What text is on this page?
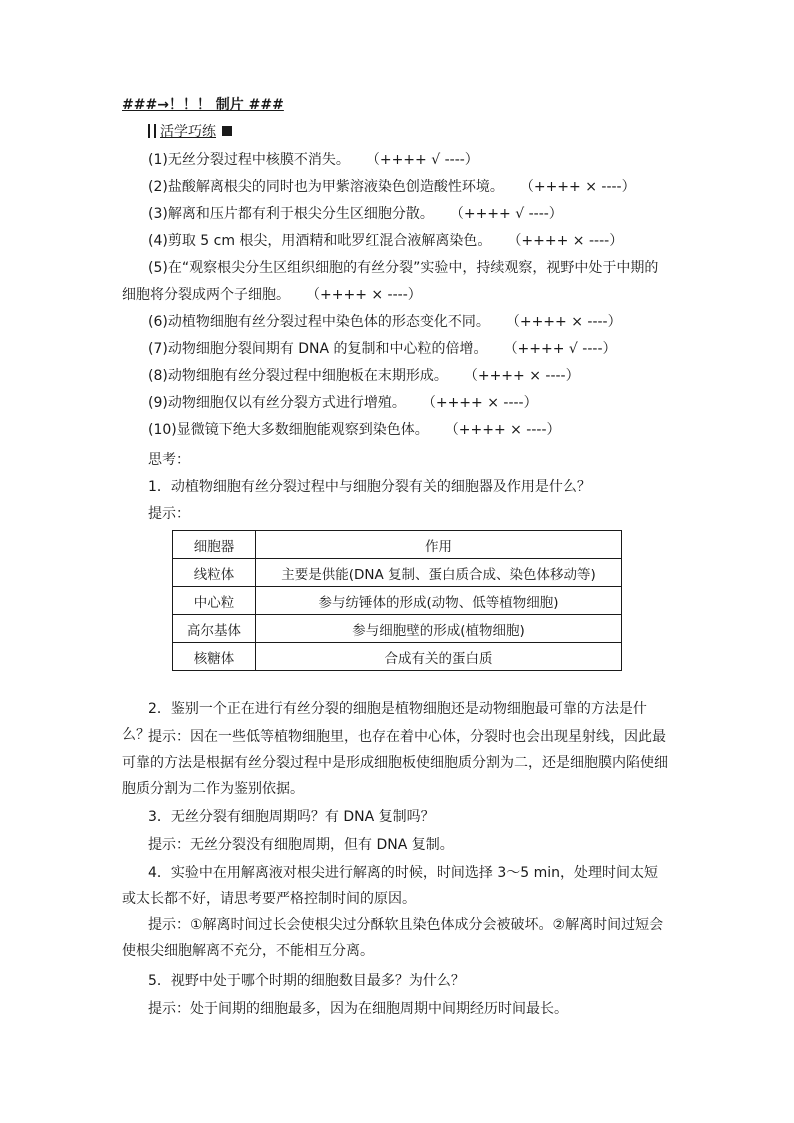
###→！！！ 制片 ###
活学巧练
(1)无丝分裂过程中核膜不消失。 （++++ √ ----）
(2)盐酸解离根尖的同时也为甲紫溶液染色创造酸性环境。 （++++ × ----）
(3)解离和压片都有利于根尖分生区细胞分散。 （++++ √ ----）
(4)剪取 5 cm 根尖，用酒精和吡罗红混合液解离染色。 （++++ × ----）
(5)在“观察根尖分生区组织细胞的有丝分裂”实验中，持续观察，视野中处于中期的
细胞将分裂成两个子细胞。 （++++ × ----）
(6)动植物细胞有丝分裂过程中染色体的形态变化不同。 （++++ × ----）
(7)动物细胞分裂间期有 DNA 的复制和中心粒的倍增。 （++++ √ ----）
(8)动物细胞有丝分裂过程中细胞板在末期形成。 （++++ × ----）
(9)动物细胞仅以有丝分裂方式进行增殖。 （++++ × ----）
(10)显微镜下绝大多数细胞能观察到染色体。 （++++ × ----）
思考：
1．动植物细胞有丝分裂过程中与细胞分裂有关的细胞器及作用是什么？
提示：
细胞器	作用
线粒体	主要是供能(DNA 复制、蛋白质合成、染色体移动等)
中心粒	参与纺锤体的形成(动物、低等植物细胞)
高尔基体	参与细胞壁的形成(植物细胞)
核糖体	合成有关的蛋白质
2．鉴别一个正在进行有丝分裂的细胞是植物细胞还是动物细胞最可靠的方法是什么？
提示：因在一些低等植物细胞里，也存在着中心体，分裂时也会出现星射线，因此最可靠的方法是根据有丝分裂过程中是形成细胞板使细胞质分割为二，还是细胞膜内陷使细胞质分割为二作为鉴别依据。
3．无丝分裂有细胞周期吗？有 DNA 复制吗？
提示：无丝分裂没有细胞周期，但有 DNA 复制。
4．实验中在用解离液对根尖进行解离的时候，时间选择 3～5 min，处理时间太短或太长都不好，请思考要严格控制时间的原因。
提示：①解离时间过长会使根尖过分酥软且染色体成分会被破坏。②解离时间过短会使根尖细胞解离不充分，不能相互分离。
5．视野中处于哪个时期的细胞数目最多？为什么？
提示：处于间期的细胞最多，因为在细胞周期中间期经历时间最长。
